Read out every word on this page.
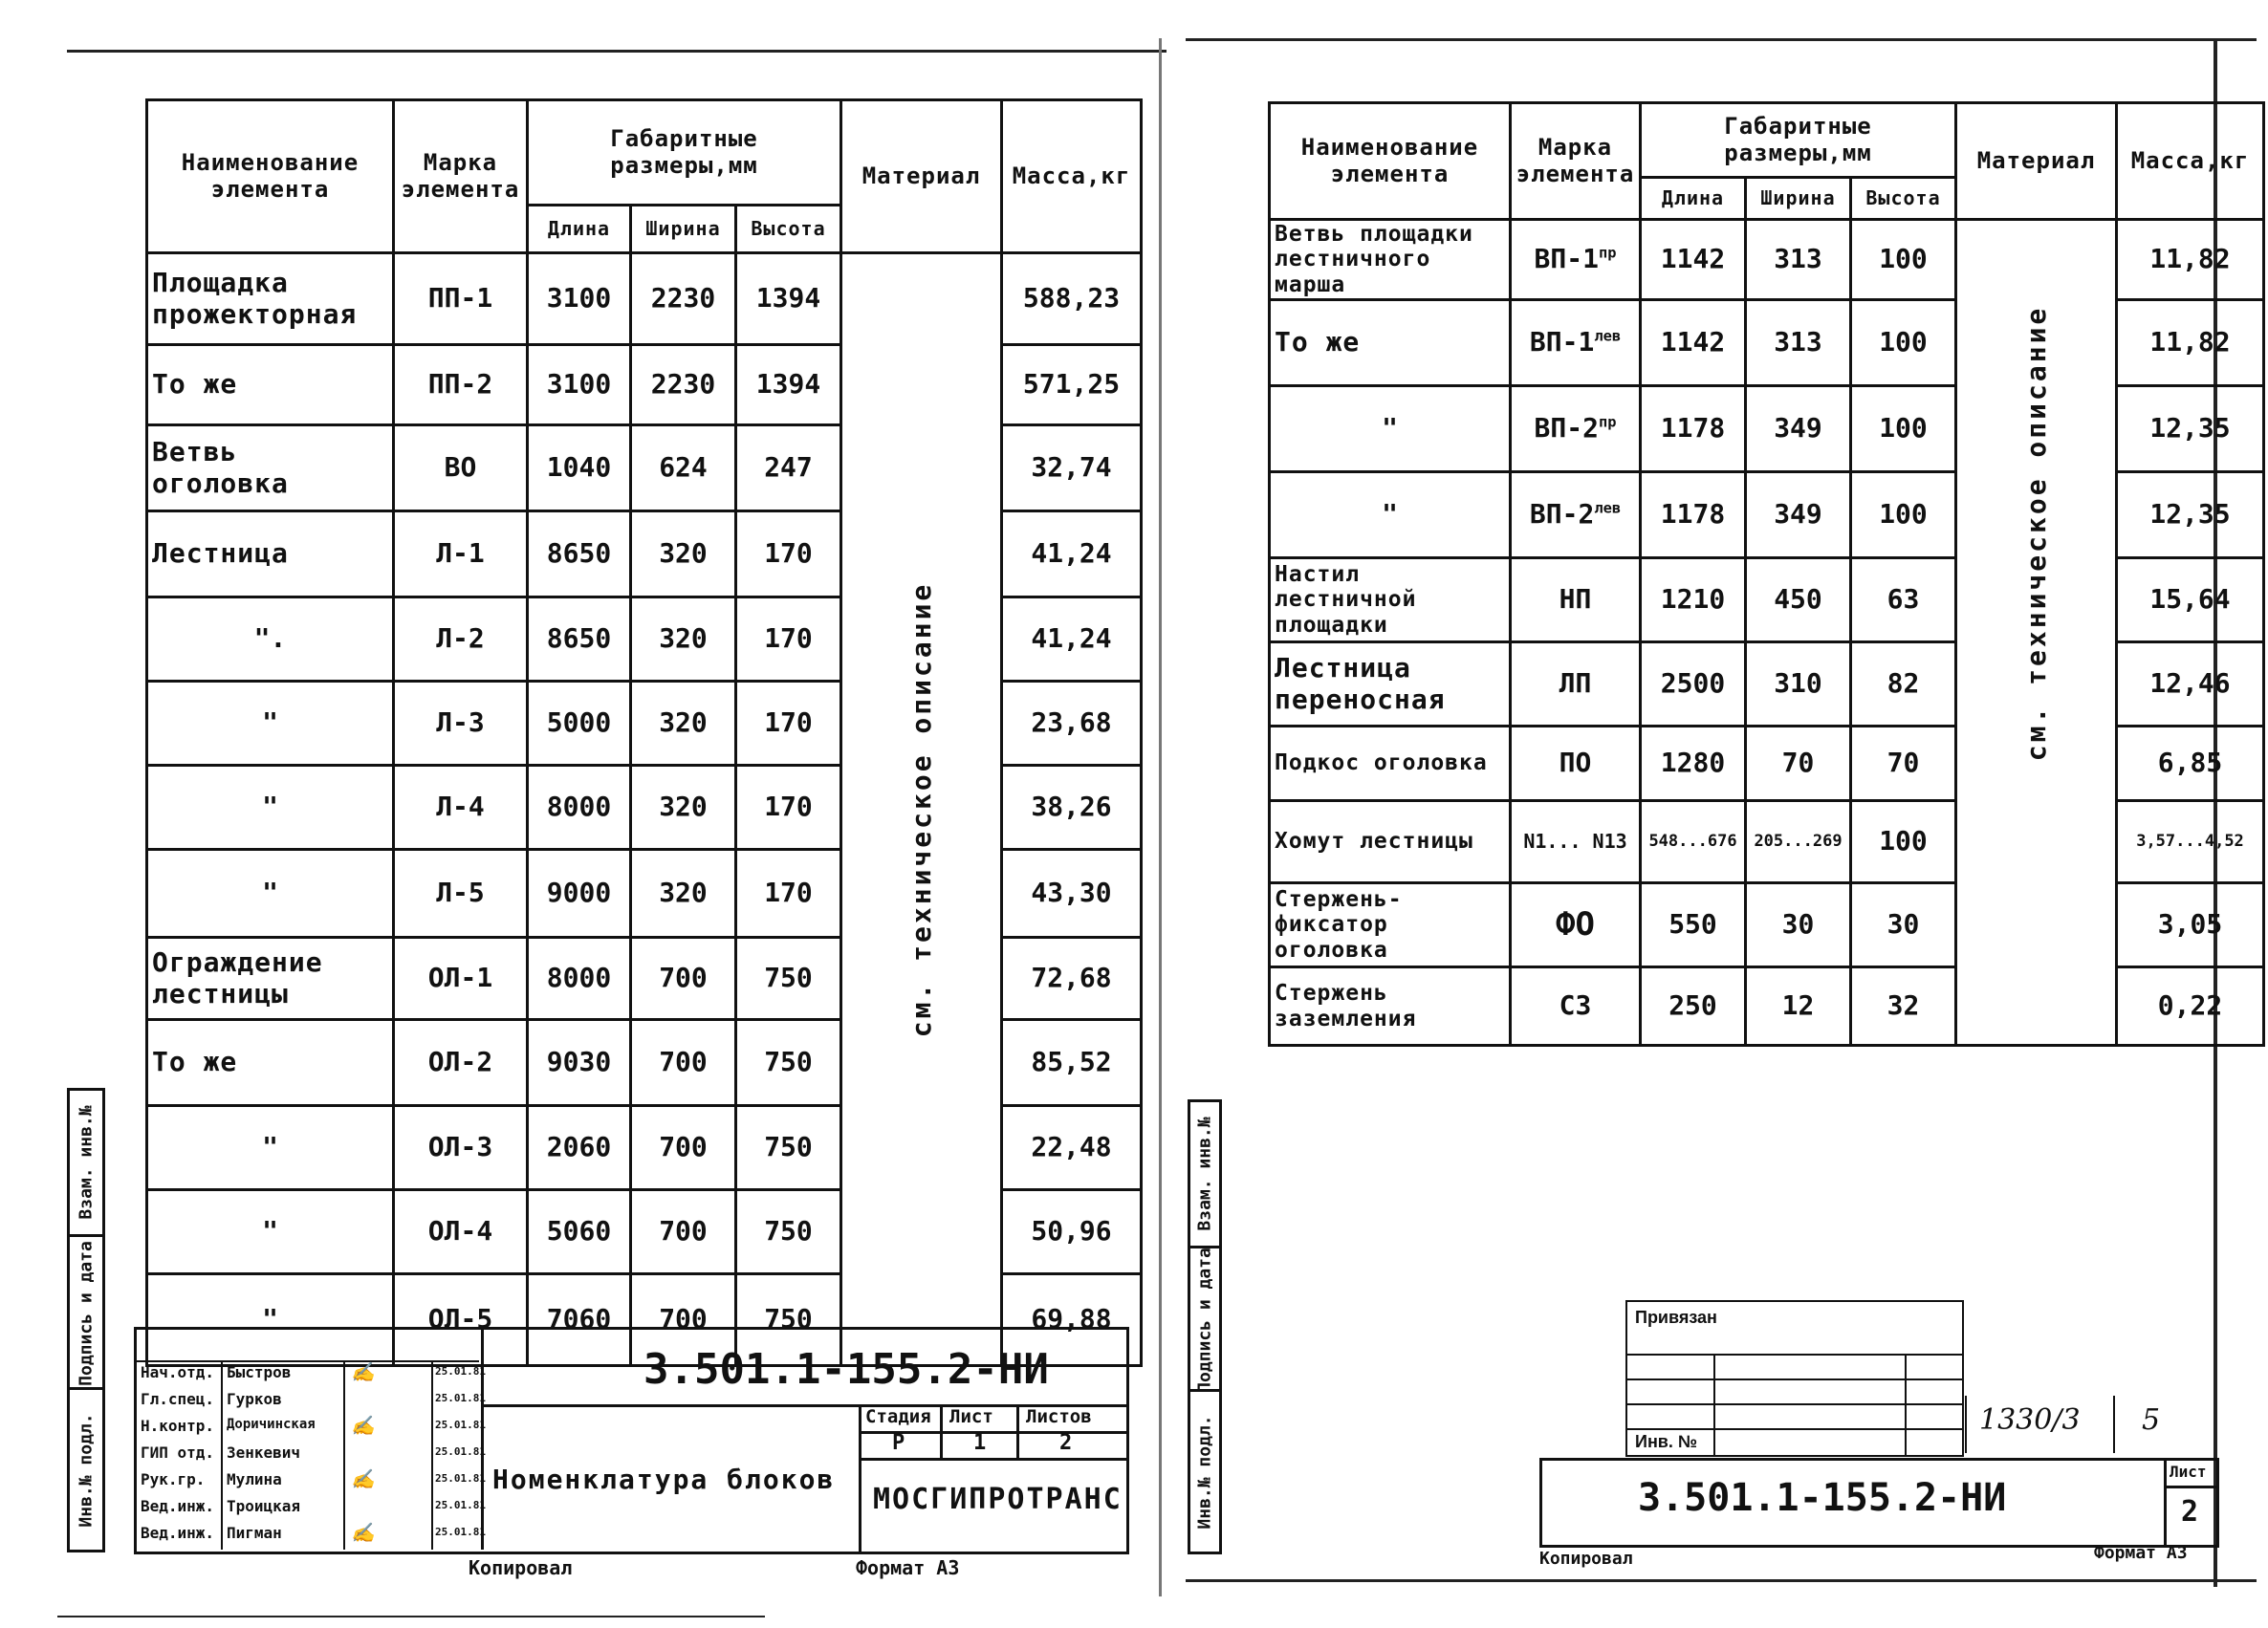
Наименование элемента	Марка элемента	Габаритные размеры,мм			Материал	Масса,кг
		Длина	Ширина	Высота		
Площадка прожекторная	ПП-1	3100	2230	1394	см. техническое описание	588,23
То же	ПП-2	3100	2230	1394		571,25
Ветвь оголовка	ВО	1040	624	247		32,74
Лестница	Л-1	8650	320	170		41,24
".	Л-2	8650	320	170		41,24
"	Л-3	5000	320	170		23,68
"	Л-4	8000	320	170		38,26
"	Л-5	9000	320	170		43,30
Ограждение лестницы	ОЛ-1	8000	700	750		72,68
То же	ОЛ-2	9030	700	750		85,52
"	ОЛ-3	2060	700	750		22,48
"	ОЛ-4	5060	700	750		50,96
"	ОЛ-5	7060	700	750		69,88
Взам. инв.№
Подпись и дата
Инв.№ подл.
3.501.1-155.2-НИ
Номенклатура блоков
Стадия Лист Листов
Р	1	2
МОСГИПРОТРАНС
Нач.отд. Быстров	25.01.81
Гл.спец. Гурков	25.01.81
Н.контр. Доричинская	25.01.81
ГИП отд. Зенкевич	25.01.81
Рук.гр. Мулина	25.01.81
Вед.инж. Троицкая	25.01.81
Вед.инж. Пигман	25.01.81
✍
✍
✍
✍
Копировал	Формат А3
Наименование элемента	Марка элемента	Габаритные размеры,мм			Материал	Масса,кг
		Длина	Ширина	Высота		
Ветвь площадки лестничного марша	$ВП-1^{пр}$	1142	313	100	см. техническое описание	11,82
То же	$ВП-1^{лев}$	1142	313	100		11,82
"	$ВП-2^{пр}$	1178	349	100		12,35
"	$ВП-2^{лев}$	1178	349	100		12,35
Настил лестничной площадки	НП	1210	450	63		15,64
Лестница переносная	ЛП	2500	310	82		12,46
Подкос оголовка	ПО	1280	70	70		6,85
Хомут лестницы	N1... N13	548...676	205...269	100		3,57...4,52
Стержень-фиксатор оголовка	ФО	550	30	30		3,05
Стержень заземления	СЗ	250	12	32		0,22
Взам. инв.№
Подпись и дата
Инв.№ подл.
Привязан
Инв. №
1330/3 5
3.501.1-155.2-НИ
Лист
2
Копировал	Формат А3
